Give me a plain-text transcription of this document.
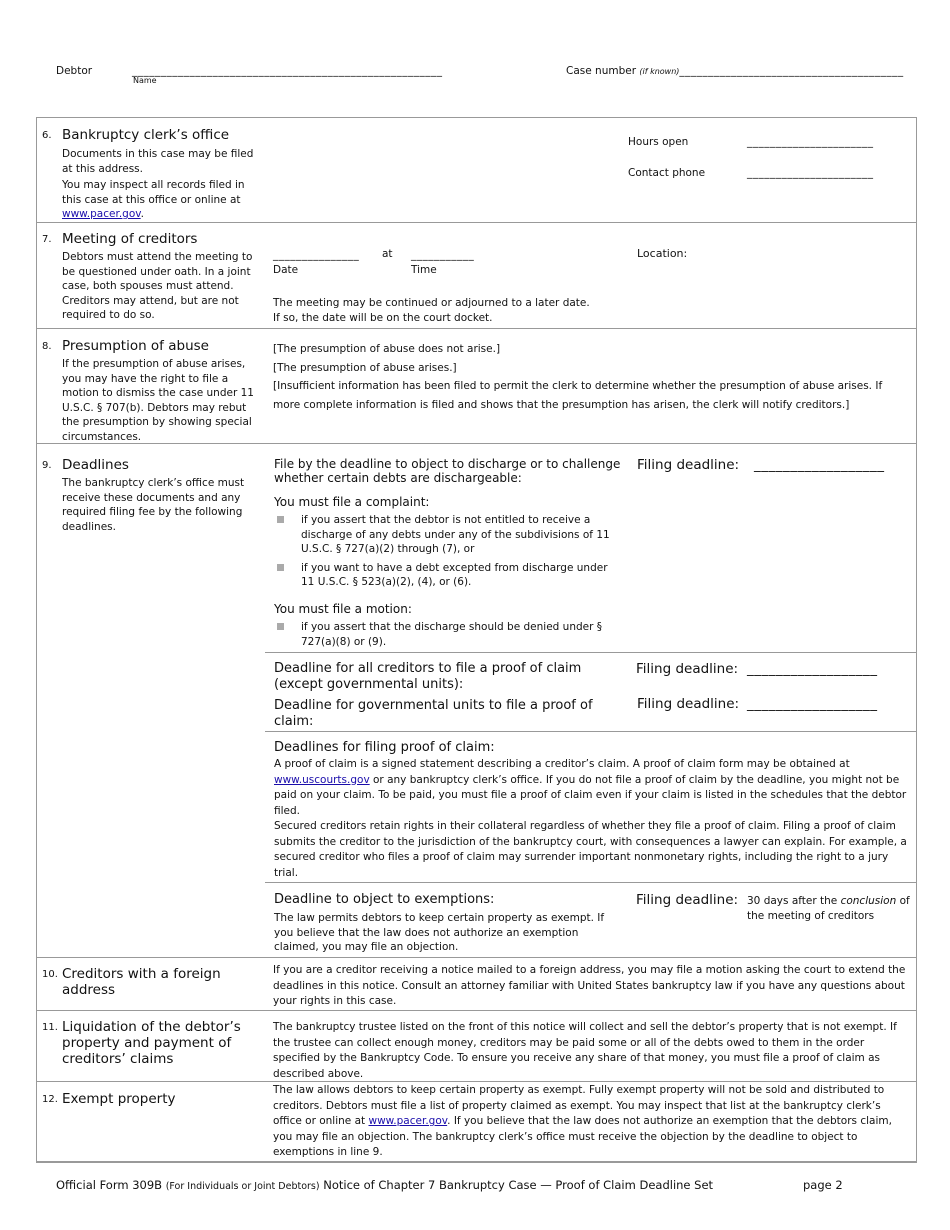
Debtor	______________________________________________________
Name
Case number (if known)_______________________________________
6. Bankruptcy clerk’s office

Documents in this case may be filed at this address.

You may inspect all records filed in this case at this office or online at www.pacer.gov.

Hours open	______________________
Contact phone	______________________
7. Meeting of creditors
Debtors must attend the meeting to be questioned under oath. In a joint case, both spouses must attend. Creditors may attend, but are not required to do so.
_______________ at ___________
Date	Time
Location:

The meeting may be continued or adjourned to a later date.

If so, the date will be on the court docket.

8. Presumption of abuse
If the presumption of abuse arises, you may have the right to file a motion to dismiss the case under 11 U.S.C. § 707(b). Debtors may rebut the presumption by showing special circumstances.

[The presumption of abuse does not arise.]

[The presumption of abuse arises.]

[Insufficient information has been filed to permit the clerk to determine whether the presumption of abuse arises. If more complete information is filed and shows that the presumption has arisen, the clerk will notify creditors.]

9. Deadlines
The bankruptcy clerk’s office must receive these documents and any required filing fee by the following deadlines.
File by the deadline to object to discharge or to challenge whether certain debts are dischargeable:
Filing deadline: __________________
You must file a complaint:
if you assert that the debtor is not entitled to receive a discharge of any debts under any of the subdivisions of 11 U.S.C. § 727(a)(2) through (7), or
if you want to have a debt excepted from discharge under 11 U.S.C. § 523(a)(2), (4), or (6).
You must file a motion:
if you assert that the discharge should be denied under § 727(a)(8) or (9).
Deadline for all creditors to file a proof of claim (except governmental units):
Filing deadline: __________________
Deadline for governmental units to file a proof of claim:
Filing deadline: __________________
Deadlines for filing proof of claim:

A proof of claim is a signed statement describing a creditor’s claim. A proof of claim form may be obtained at www.uscourts.gov or any bankruptcy clerk’s office. If you do not file a proof of claim by the deadline, you might not be paid on your claim. To be paid, you must file a proof of claim even if your claim is listed in the schedules that the debtor filed.

Secured creditors retain rights in their collateral regardless of whether they file a proof of claim. Filing a proof of claim submits the creditor to the jurisdiction of the bankruptcy court, with consequences a lawyer can explain. For example, a secured creditor who files a proof of claim may surrender important nonmonetary rights, including the right to a jury trial.

Deadline to object to exemptions:
The law permits debtors to keep certain property as exempt. If you believe that the law does not authorize an exemption claimed, you may file an objection.
Filing deadline: 30 days after the conclusion of the meeting of creditors
10. Creditors with a foreign address
If you are a creditor receiving a notice mailed to a foreign address, you may file a motion asking the court to extend the deadlines in this notice. Consult an attorney familiar with United States bankruptcy law if you have any questions about your rights in this case.
11. Liquidation of the debtor’s property and payment of creditors’ claims
The bankruptcy trustee listed on the front of this notice will collect and sell the debtor’s property that is not exempt. If the trustee can collect enough money, creditors may be paid some or all of the debts owed to them in the order specified by the Bankruptcy Code. To ensure you receive any share of that money, you must file a proof of claim as described above.
12. Exempt property
The law allows debtors to keep certain property as exempt. Fully exempt property will not be sold and distributed to creditors. Debtors must file a list of property claimed as exempt. You may inspect that list at the bankruptcy clerk’s office or online at www.pacer.gov. If you believe that the law does not authorize an exemption that the debtors claim, you may file an objection. The bankruptcy clerk’s office must receive the objection by the deadline to object to exemptions in line 9.
Official Form 309B (For Individuals or Joint Debtors) Notice of Chapter 7 Bankruptcy Case — Proof of Claim Deadline Set	page 2
